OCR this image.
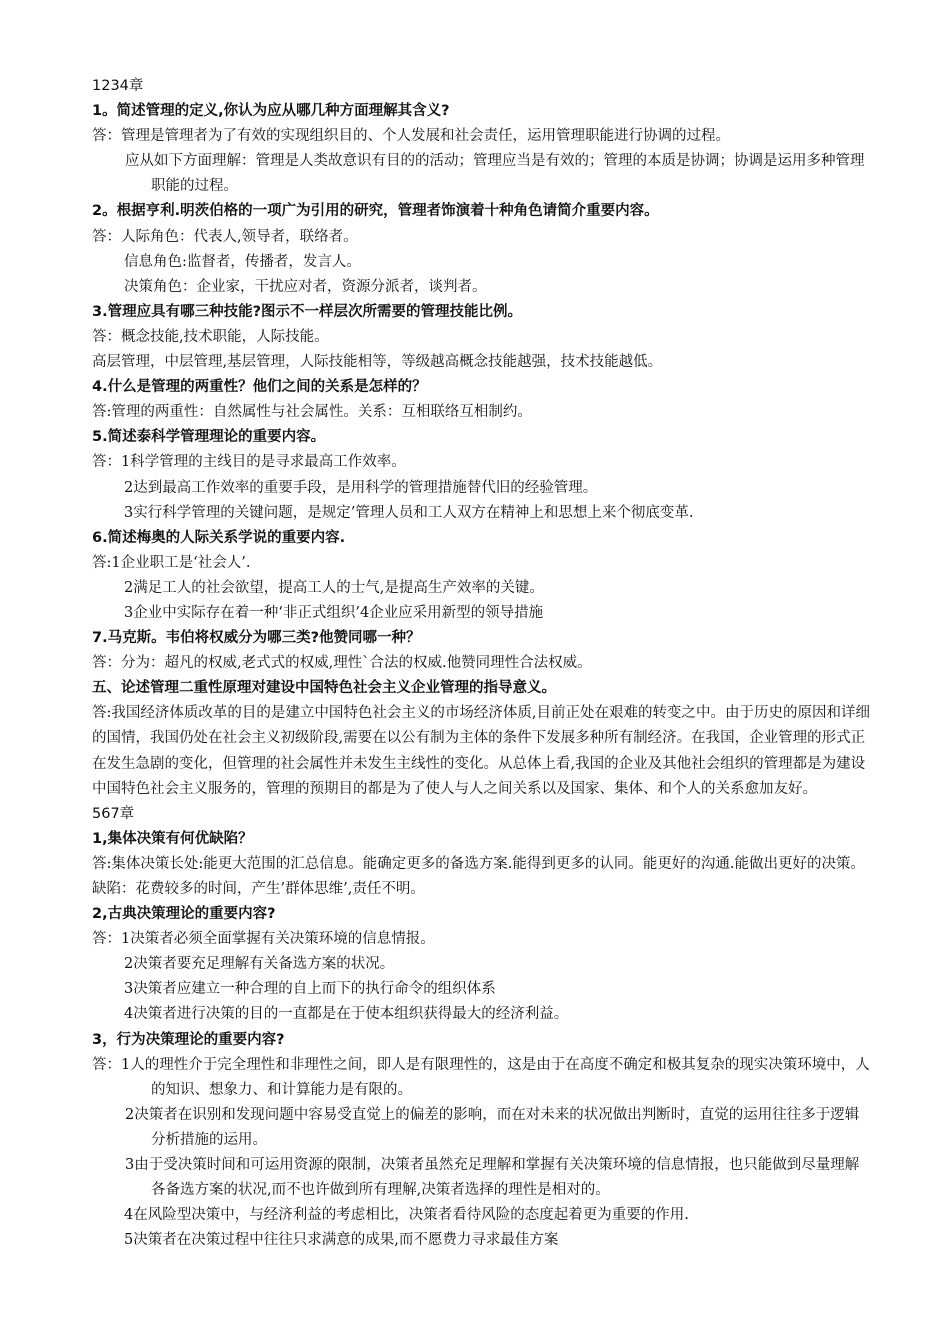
1234章
1。简述管理的定义,你认为应从哪几种方面理解其含义?
答：管理是管理者为了有效的实现组织目的、个人发展和社会责任，运用管理职能进行协调的过程。
应从如下方面理解：管理是人类故意识有目的的活动；管理应当是有效的；管理的本质是协调；协调是运用多种管理职能的过程。
2。根据亨利.明茨伯格的一项广为引用的研究，管理者饰演着十种角色请简介重要内容。
答：人际角色：代表人,领导者，联络者。
信息角色:监督者，传播者，发言人。
决策角色：企业家，干扰应对者，资源分派者，谈判者。
3.管理应具有哪三种技能?图示不一样层次所需要的管理技能比例。
答：概念技能,技术职能，人际技能。
高层管理，中层管理,基层管理，人际技能相等，等级越高概念技能越强，技术技能越低。
4.什么是管理的两重性？他们之间的关系是怎样的？
答:管理的两重性：自然属性与社会属性。关系：互相联络互相制约。
5.简述泰科学管理理论的重要内容。
答：1科学管理的主线目的是寻求最高工作效率。
2达到最高工作效率的重要手段，是用科学的管理措施替代旧的经验管理。
3实行科学管理的关键问题，是规定’管理人员和工人双方在精神上和思想上来个彻底变革.
6.简述梅奥的人际关系学说的重要内容.
答:1企业职工是‘社会人’.
2满足工人的社会欲望，提高工人的士气,是提高生产效率的关键。
3企业中实际存在着一种‘非正式组织’4企业应采用新型的领导措施
7.马克斯。韦伯将权威分为哪三类?他赞同哪一种？
答：分为：超凡的权威,老式式的权威,理性`合法的权威.他赞同理性合法权威。
五、论述管理二重性原理对建设中国特色社会主义企业管理的指导意义。
答:我国经济体质改革的目的是建立中国特色社会主义的市场经济体质,目前正处在艰难的转变之中。由于历史的原因和详细的国情，我国仍处在社会主义初级阶段,需要在以公有制为主体的条件下发展多种所有制经济。在我国，企业管理的形式正在发生急剧的变化，但管理的社会属性并未发生主线性的变化。从总体上看,我国的企业及其他社会组织的管理都是为建设中国特色社会主义服务的，管理的预期目的都是为了使人与人之间关系以及国家、集体、和个人的关系愈加友好。
567章
1,集体决策有何优缺陷？
答:集体决策长处:能更大范围的汇总信息。能确定更多的备选方案.能得到更多的认同。能更好的沟通.能做出更好的决策。缺陷：花费较多的时间，产生’群体思维’,责任不明。
2,古典决策理论的重要内容?
答：1决策者必须全面掌握有关决策环境的信息情报。
2决策者要充足理解有关备选方案的状况。
3决策者应建立一种合理的自上而下的执行命令的组织体系
4决策者进行决策的目的一直都是在于使本组织获得最大的经济利益。
3，行为决策理论的重要内容?
答：1人的理性介于完全理性和非理性之间，即人是有限理性的，这是由于在高度不确定和极其复杂的现实决策环境中，人的知识、想象力、和计算能力是有限的。
2决策者在识别和发现问题中容易受直觉上的偏差的影响，而在对未来的状况做出判断时，直觉的运用往往多于逻辑分析措施的运用。
3由于受决策时间和可运用资源的限制，决策者虽然充足理解和掌握有关决策环境的信息情报，也只能做到尽量理解各备选方案的状况,而不也许做到所有理解,决策者选择的理性是相对的。
4在风险型决策中，与经济利益的考虑相比，决策者看待风险的态度起着更为重要的作用.
5决策者在决策过程中往往只求满意的成果,而不愿费力寻求最佳方案
